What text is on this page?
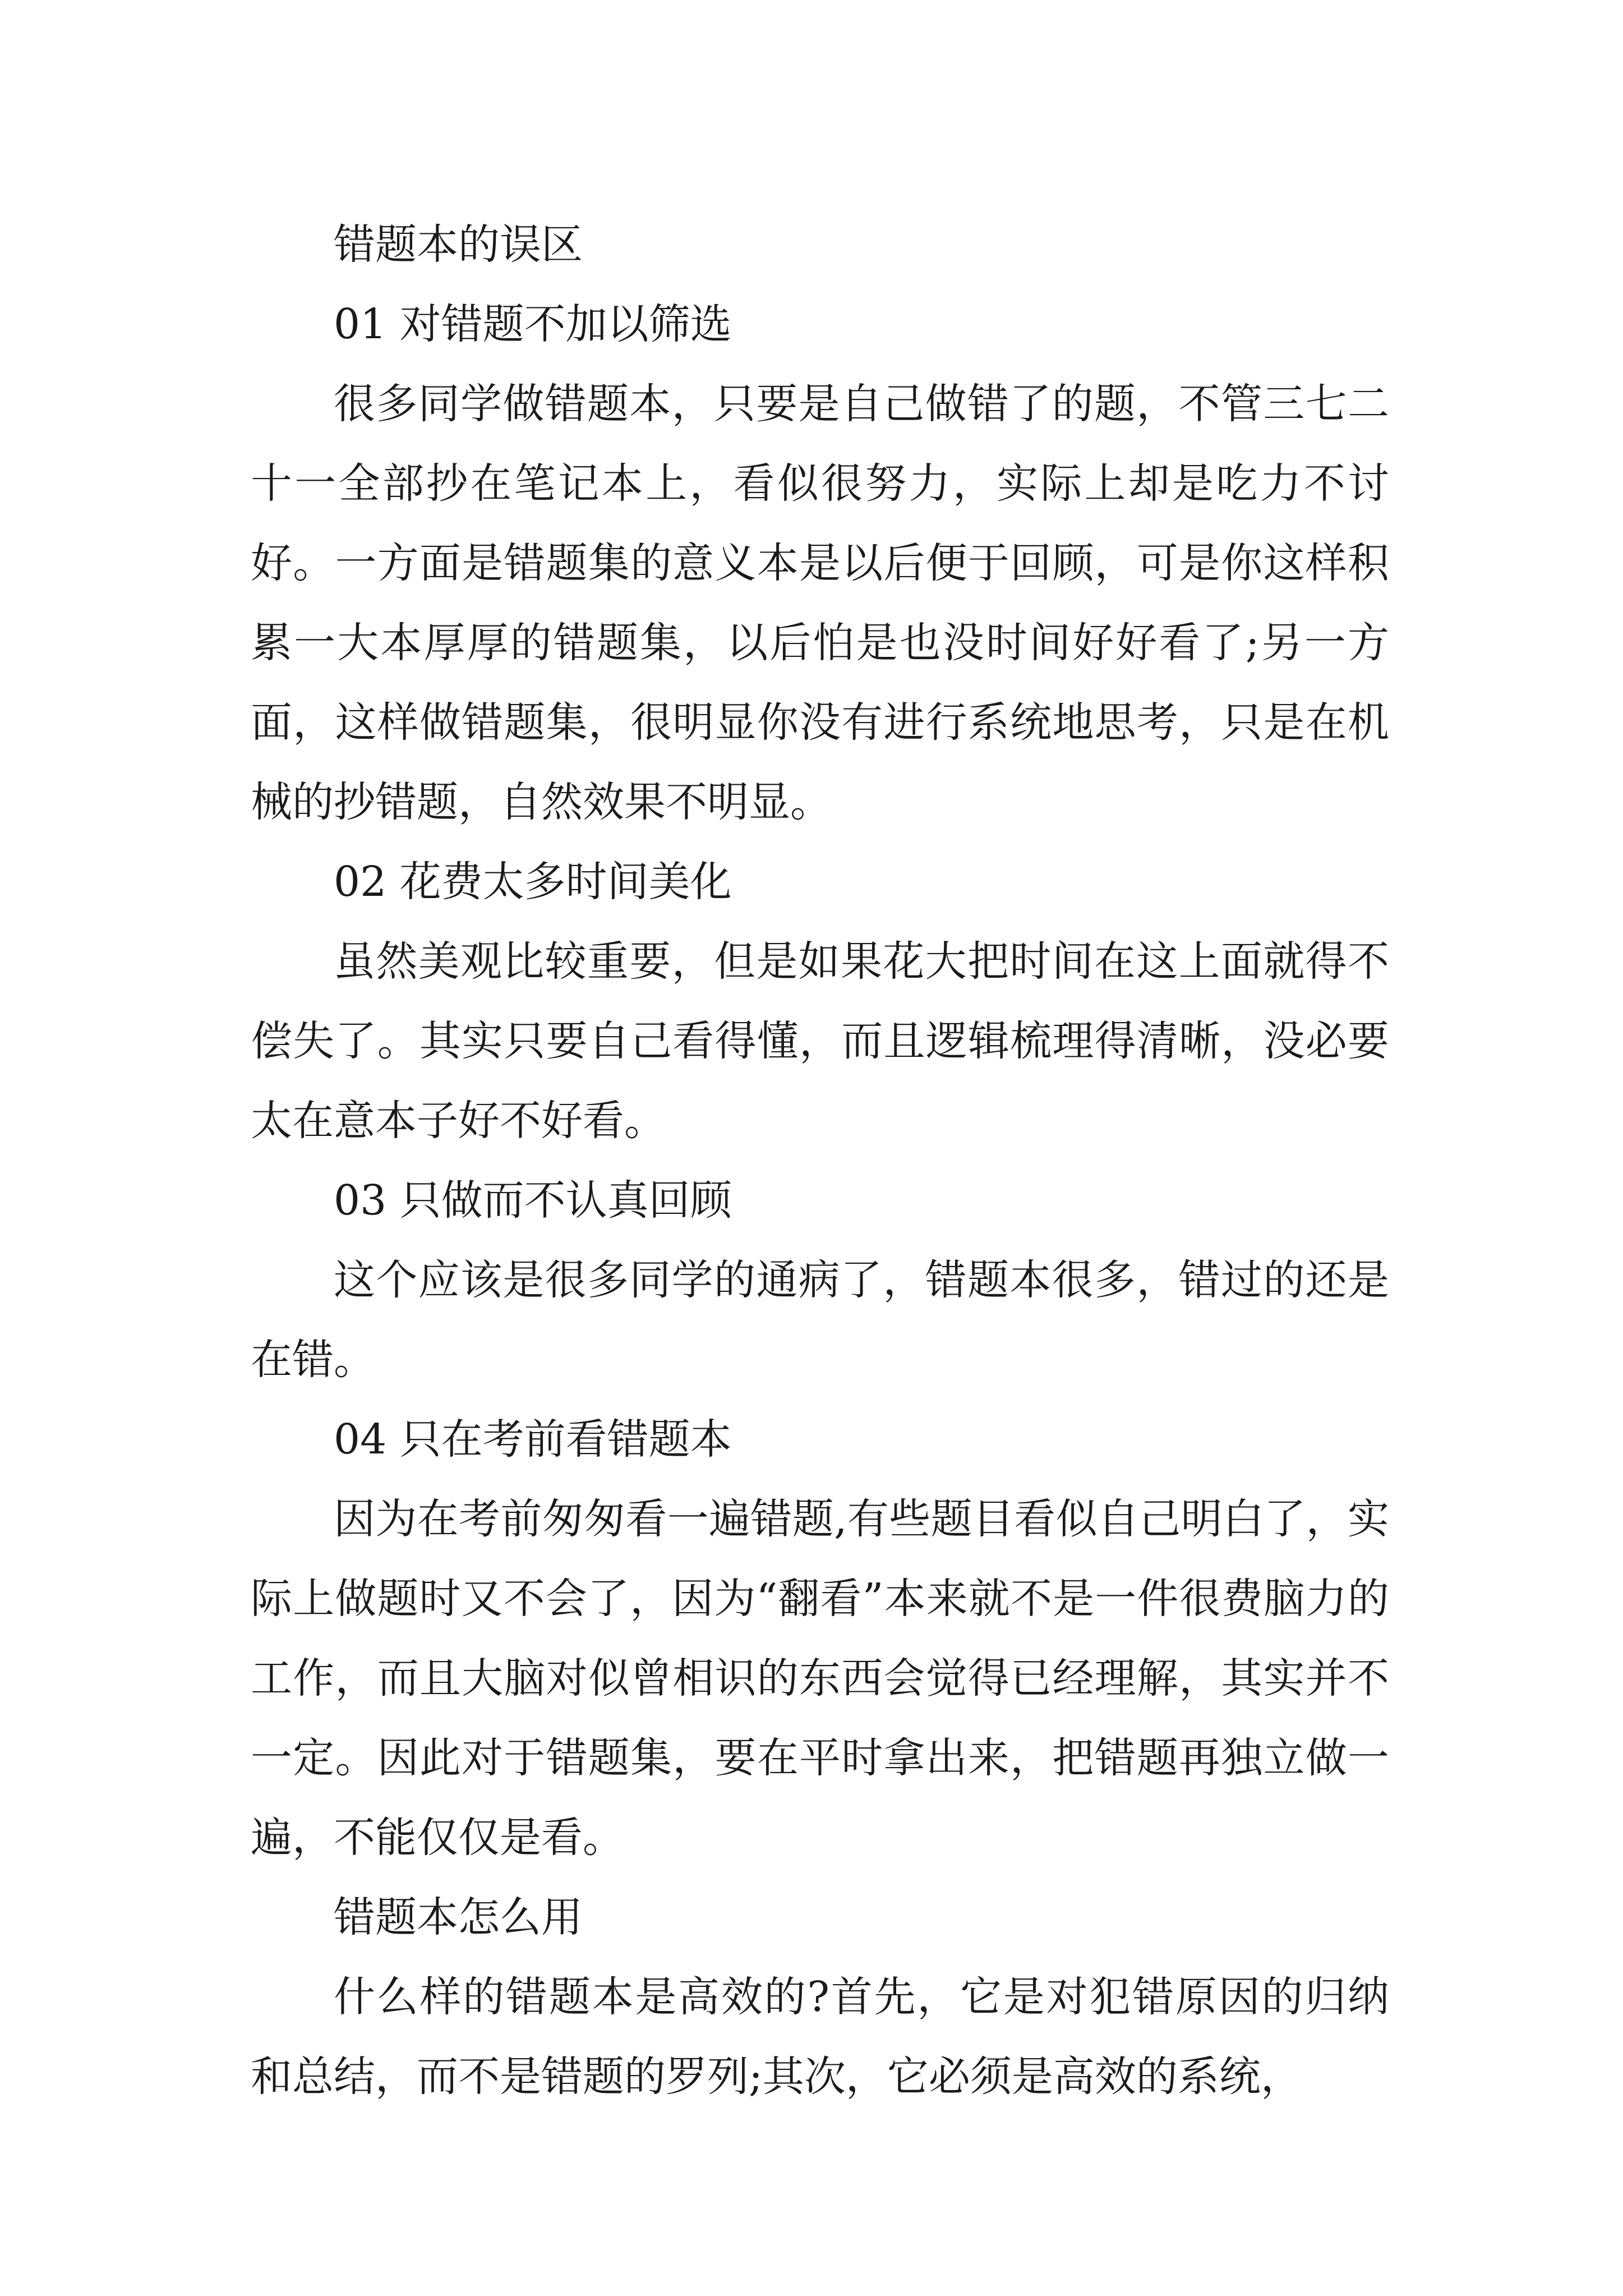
错题本的误区

01 对错题不加以筛选

很多同学做错题本，只要是自己做错了的题，不管三七二十一全部抄在笔记本上，看似很努力，实际上却是吃力不讨好。一方面是错题集的意义本是以后便于回顾，可是你这样积累一大本厚厚的错题集，以后怕是也没时间好好看了;另一方面，这样做错题集，很明显你没有进行系统地思考，只是在机械的抄错题，自然效果不明显。

02 花费太多时间美化

虽然美观比较重要，但是如果花大把时间在这上面就得不偿失了。其实只要自己看得懂，而且逻辑梳理得清晰，没必要太在意本子好不好看。

03 只做而不认真回顾

这个应该是很多同学的通病了，错题本很多，错过的还是在错。

04 只在考前看错题本

因为在考前匆匆看一遍错题,有些题目看似自己明白了，实际上做题时又不会了，因为“翻看”本来就不是一件很费脑力的工作，而且大脑对似曾相识的东西会觉得已经理解，其实并不一定。因此对于错题集，要在平时拿出来，把错题再独立做一遍，不能仅仅是看。

错题本怎么用

什么样的错题本是高效的?首先，它是对犯错原因的归纳和总结，而不是错题的罗列;其次，它必须是高效的系统，
